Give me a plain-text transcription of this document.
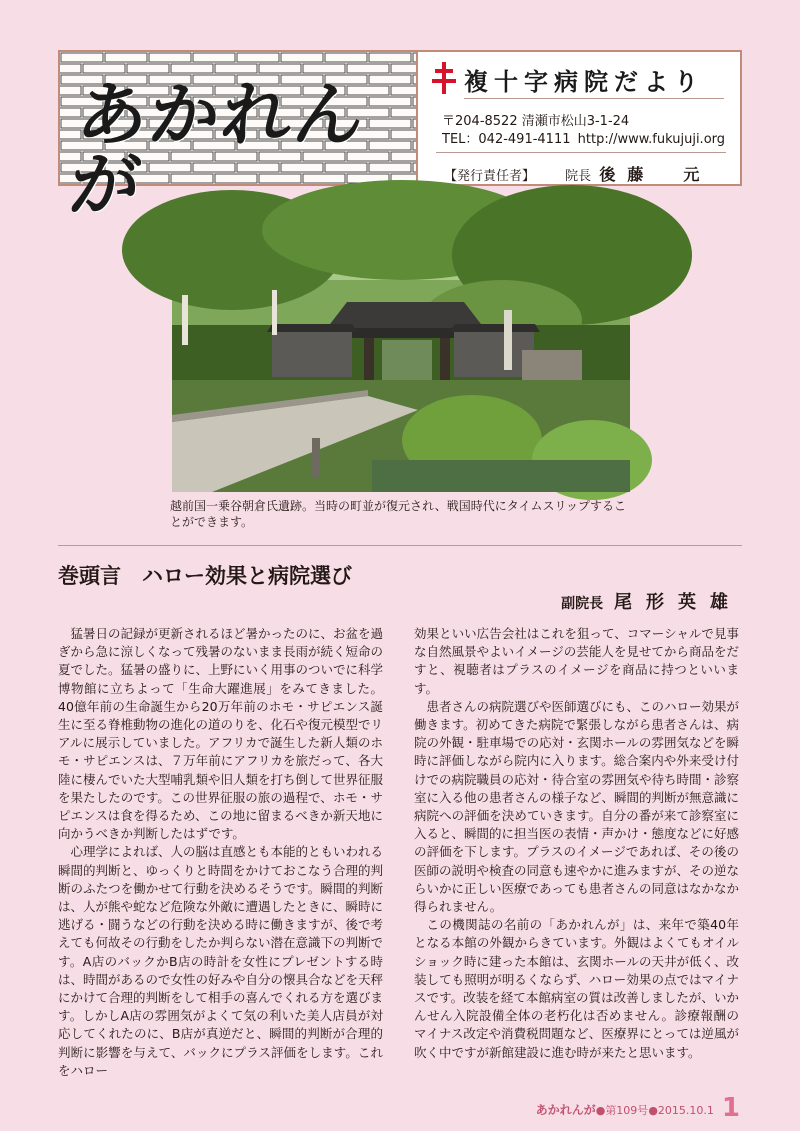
あかれんが
複十字病院だより
〒204-8522 清瀬市松山3-1-24
TEL：042-491-4111 http://www.fukujuji.org
【発行責任者】 院長 後藤　元
越前国一乗谷朝倉氏遺跡。当時の町並が復元され、戦国時代にタイムスリップすることができます。
巻頭言　ハロー効果と病院選び
副院長 尾形英雄

猛暑日の記録が更新されるほど暑かったのに、お盆を過ぎから急に涼しくなって残暑のないまま長雨が続く短命の夏でした。猛暑の盛りに、上野にいく用事のついでに科学博物館に立ちよって「生命大躍進展」をみてきました。40億年前の生命誕生から20万年前のホモ・サピエンス誕生に至る脊椎動物の進化の道のりを、化石や復元模型でリアルに展示していました。アフリカで誕生した新人類のホモ・サピエンスは、７万年前にアフリカを旅だって、各大陸に棲んでいた大型哺乳類や旧人類を打ち倒して世界征服を果たしたのです。この世界征服の旅の過程で、ホモ・サピエンスは食を得るため、この地に留まるべきか新天地に向かうべきか判断したはずです。

心理学によれば、人の脳は直感とも本能的ともいわれる瞬間的判断と、ゆっくりと時間をかけておこなう合理的判断のふたつを働かせて行動を決めるそうです。瞬間的判断は、人が熊や蛇など危険な外敵に遭遇したときに、瞬時に逃げる・闘うなどの行動を決める時に働きますが、後で考えても何故その行動をしたか判らない潜在意識下の判断です。A店のバックかB店の時計を女性にプレゼントする時は、時間があるので女性の好みや自分の懐具合などを天秤にかけて合理的判断をして相手の喜んでくれる方を選びます。しかしA店の雰囲気がよくて気の利いた美人店員が対応してくれたのに、B店が真逆だと、瞬間的判断が合理的判断に影響を与えて、バックにプラス評価をします。これをハロー

効果といい広告会社はこれを狙って、コマーシャルで見事な自然風景やよいイメージの芸能人を見せてから商品をだすと、視聴者はプラスのイメージを商品に持つといいます。

患者さんの病院選びや医師選びにも、このハロー効果が働きます。初めてきた病院で緊張しながら患者さんは、病院の外観・駐車場での応対・玄関ホールの雰囲気などを瞬時に評価しながら院内に入ります。総合案内や外来受け付けでの病院職員の応対・待合室の雰囲気や待ち時間・診察室に入る他の患者さんの様子など、瞬間的判断が無意識に病院への評価を決めていきます。自分の番が来て診察室に入ると、瞬間的に担当医の表情・声かけ・態度などに好感の評価を下します。プラスのイメージであれば、その後の医師の説明や検査の同意も速やかに進みますが、その逆ならいかに正しい医療であっても患者さんの同意はなかなか得られません。

この機関誌の名前の「あかれんが」は、来年で築40年となる本館の外観からきています。外観はよくてもオイルショック時に建った本館は、玄関ホールの天井が低く、改装しても照明が明るくならず、ハロー効果の点ではマイナスです。改装を経て本館病室の質は改善しましたが、いかんせん入院設備全体の老朽化は否めません。診療報酬のマイナス改定や消費税問題など、医療界にとっては逆風が吹く中ですが新館建設に進む時が来たと思います。

あかれんが●第109号●2015.10.1 1
